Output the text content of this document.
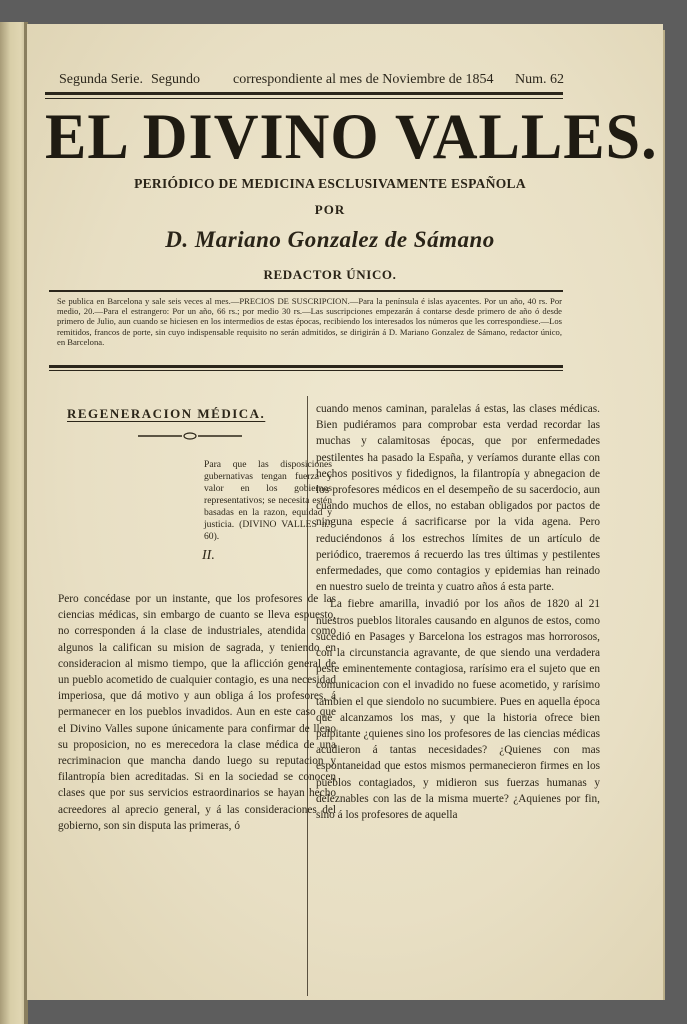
Segunda Serie. Segundo correspondiente al mes de Noviembre de 1854 Num. 62
EL DIVINO VALLES.
PERIÓDICO DE MEDICINA ESCLUSIVAMENTE ESPAÑOLA
POR
D. Mariano Gonzalez de Sámano
REDACTOR ÚNICO.
Se publica en Barcelona y sale seis veces al mes.—PRECIOS DE SUSCRIPCION.—Para la península é islas ayacentes. Por un año, 40 rs. Por medio, 20.—Para el estrangero: Por un año, 66 rs.; por medio 30 rs.—Las suscripciones empezarán á contarse desde primero de año ó desde primero de Julio, aun cuando se hiciesen en los intermedios de estas épocas, recibiendo los interesados los números que les correspondiese.—Los remitidos, francos de porte, sin cuyo indispensable requisito no serán admitidos, se dirigirán á D. Mariano Gonzalez de Sámano, redactor único, en Barcelona.
REGENERACION MÉDICA.
Para que las disposiciones gubernativas tengan fuerza y valor en los gobiernos representativos; se necesita estén basadas en la razon, equidad y justicia. (DIVINO VALLES n.º 60).
II.

Pero concédase por un instante, que los profesores de las ciencias médicas, sin embargo de cuanto se lleva espuesto, no corresponden á la clase de industriales, atendida como algunos la califican su mision de sagrada, y teniendo en consideracion al mismo tiempo, que la aflicción general de un pueblo acometido de cualquier contagio, es una necesidad imperiosa, que dá motivo y aun obliga á los profesores, á permanecer en los pueblos invadidos. Aun en este caso que el Divino Valles supone únicamente para confirmar de lleno su proposicion, no es merecedora la clase médica de una recriminacion que mancha dando luego su reputacion y filantropía bien acreditadas. Si en la sociedad se conocen clases que por sus servicios estraordinarios se hayan hecho acreedores al aprecio general, y á las consideraciones del gobierno, son sin disputa las primeras, ó

cuando menos caminan, paralelas á estas, las clases médicas. Bien pudiéramos para comprobar esta verdad recordar las muchas y calamitosas épocas, que por enfermedades pestilentes ha pasado la España, y veríamos durante ellas con hechos positivos y fidedignos, la filantropía y abnegacion de los profesores médicos en el desempeño de su sacerdocio, aun cuando muchos de ellos, no estaban obligados por pactos de ninguna especie á sacrificarse por la vida agena. Pero reduciéndonos á los estrechos límites de un artículo de periódico, traeremos á recuerdo las tres últimas y pestilentes enfermedades, que como contagios y epidemias han reinado en nuestro suelo de treinta y cuatro años á esta parte.

La fiebre amarilla, invadió por los años de 1820 al 21 nuestros pueblos litorales causando en algunos de estos, como sucedió en Pasages y Barcelona los estragos mas horrorosos, con la circunstancia agravante, de que siendo una verdadera peste eminentemente contagiosa, rarísimo era el sujeto que en comunicacion con el invadido no fuese acometido, y rarísimo tambien el que siendolo no sucumbiere. Pues en aquella época que alcanzamos los mas, y que la historia ofrece bien palpitante ¿quienes sino los profesores de las ciencias médicas acudieron á tantas necesidades? ¿Quienes con mas espontaneidad que estos mismos permanecieron firmes en los pueblos contagiados, y midieron sus fuerzas humanas y deleznables con las de la misma muerte? ¿Aquienes por fin, sino á los profesores de aquella
